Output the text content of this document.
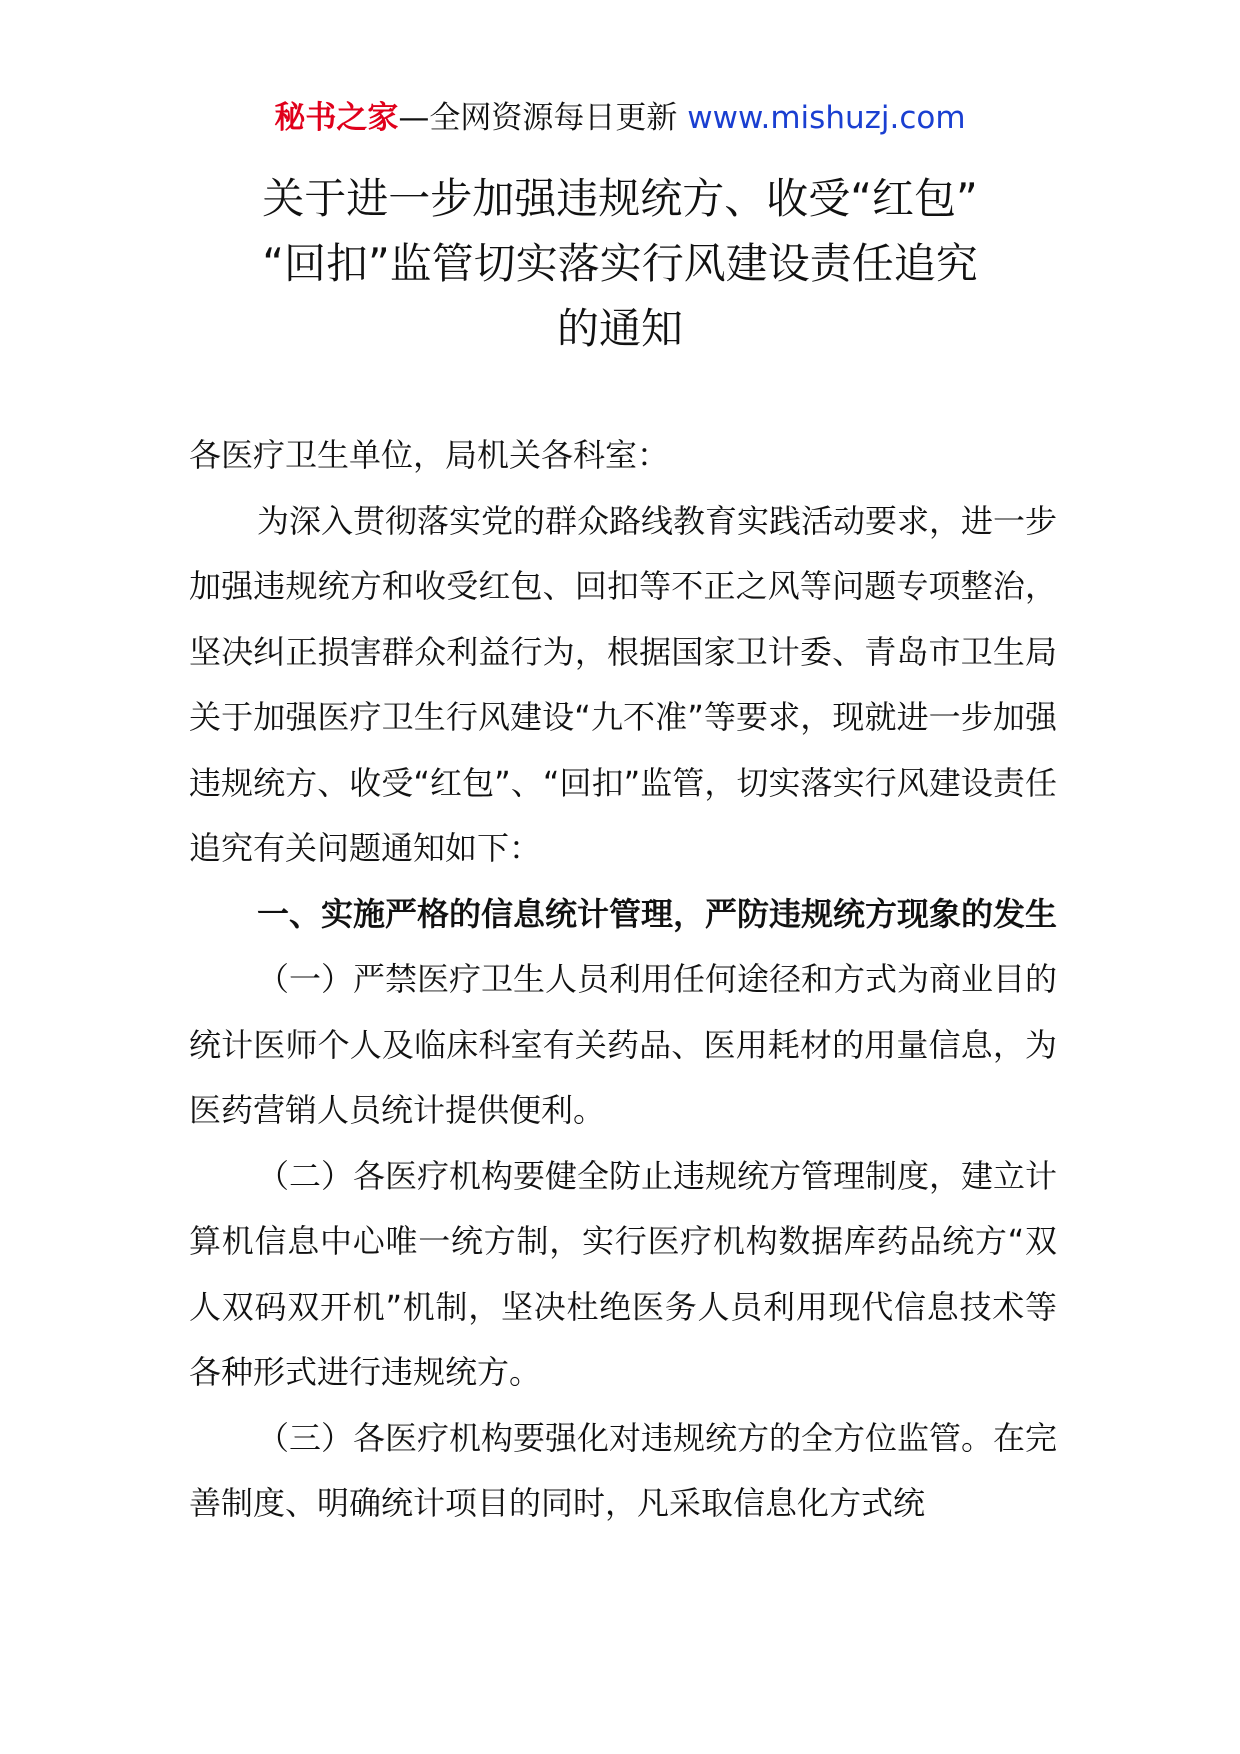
秘书之家—全网资源每日更新 www.mishuzj.com
关于进一步加强违规统方、收受“红包”
“回扣”监管切实落实行风建设责任追究
的通知

各医疗卫生单位，局机关各科室：

为深入贯彻落实党的群众路线教育实践活动要求，进一步加强违规统方和收受红包、回扣等不正之风等问题专项整治，坚决纠正损害群众利益行为，根据国家卫计委、青岛市卫生局关于加强医疗卫生行风建设“九不准”等要求，现就进一步加强违规统方、收受“红包”、“回扣”监管，切实落实行风建设责任追究有关问题通知如下：

一、实施严格的信息统计管理，严防违规统方现象的发生

（一）严禁医疗卫生人员利用任何途径和方式为商业目的统计医师个人及临床科室有关药品、医用耗材的用量信息，为医药营销人员统计提供便利。

（二）各医疗机构要健全防止违规统方管理制度，建立计算机信息中心唯一统方制，实行医疗机构数据库药品统方“双人双码双开机”机制，坚决杜绝医务人员利用现代信息技术等各种形式进行违规统方。

（三）各医疗机构要强化对违规统方的全方位监管。在完善制度、明确统计项目的同时，凡采取信息化方式统
